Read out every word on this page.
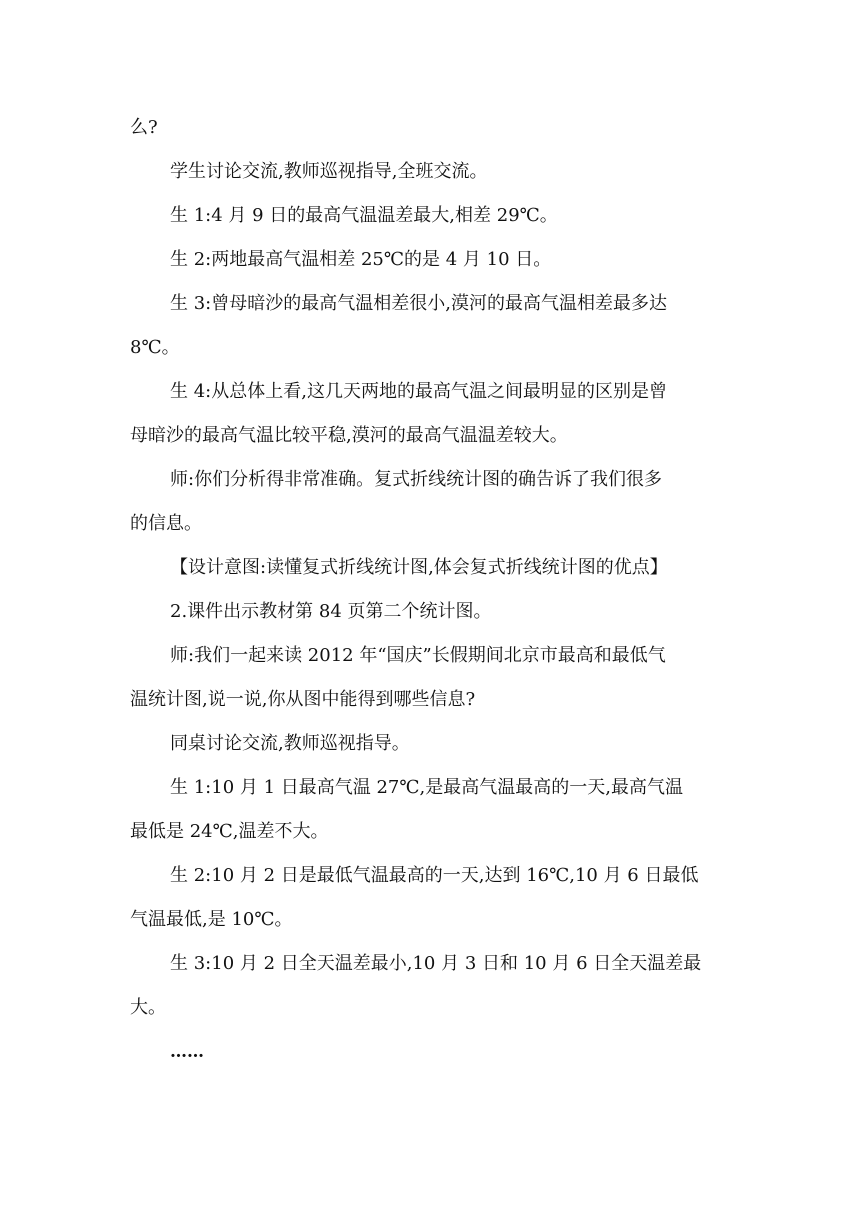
么?
学生讨论交流,教师巡视指导,全班交流。
生 1:4 月 9 日的最高气温温差最大,相差 29℃。
生 2:两地最高气温相差 25℃的是 4 月 10 日。
生 3:曾母暗沙的最高气温相差很小,漠河的最高气温相差最多达
8℃。
生 4:从总体上看,这几天两地的最高气温之间最明显的区别是曾
母暗沙的最高气温比较平稳,漠河的最高气温温差较大。
师:你们分析得非常准确。复式折线统计图的确告诉了我们很多
的信息。
【设计意图:读懂复式折线统计图,体会复式折线统计图的优点】
2.课件出示教材第 84 页第二个统计图。
师:我们一起来读 2012 年“国庆”长假期间北京市最高和最低气
温统计图,说一说,你从图中能得到哪些信息?
同桌讨论交流,教师巡视指导。
生 1:10 月 1 日最高气温 27℃,是最高气温最高的一天,最高气温
最低是 24℃,温差不大。
生 2:10 月 2 日是最低气温最高的一天,达到 16℃,10 月 6 日最低
气温最低,是 10℃。
生 3:10 月 2 日全天温差最小,10 月 3 日和 10 月 6 日全天温差最
大。
……
